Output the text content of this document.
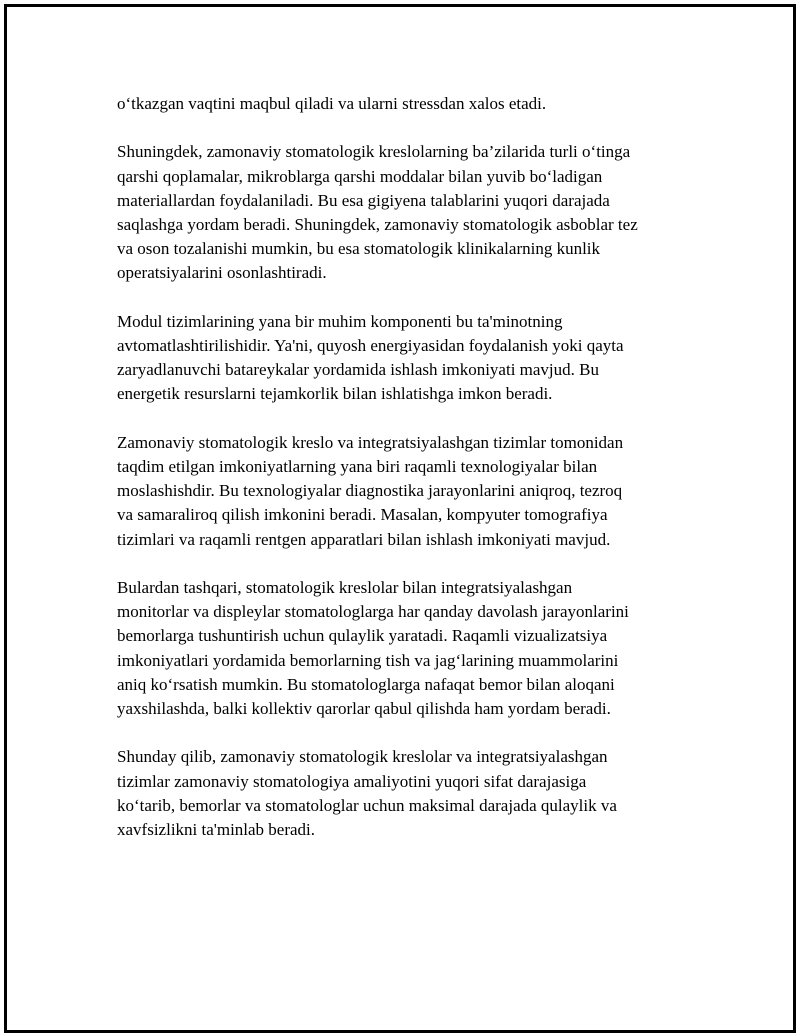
o‘tkazgan vaqtini maqbul qiladi va ularni stressdan xalos etadi.

Shuningdek, zamonaviy stomatologik kreslolarning ba’zilarida turli o‘tinga
qarshi qoplamalar, mikroblarga qarshi moddalar bilan yuvib bo‘ladigan
materiallardan foydalaniladi. Bu esa gigiyena talablarini yuqori darajada
saqlashga yordam beradi. Shuningdek, zamonaviy stomatologik asboblar tez
va oson tozalanishi mumkin, bu esa stomatologik klinikalarning kunlik
operatsiyalarini osonlashtiradi.

Modul tizimlarining yana bir muhim komponenti bu ta'minotning
avtomatlashtirilishidir. Ya'ni, quyosh energiyasidan foydalanish yoki qayta
zaryadlanuvchi batareykalar yordamida ishlash imkoniyati mavjud. Bu
energetik resurslarni tejamkorlik bilan ishlatishga imkon beradi.

Zamonaviy stomatologik kreslo va integratsiyalashgan tizimlar tomonidan
taqdim etilgan imkoniyatlarning yana biri raqamli texnologiyalar bilan
moslashishdir. Bu texnologiyalar diagnostika jarayonlarini aniqroq, tezroq
va samaraliroq qilish imkonini beradi. Masalan, kompyuter tomografiya
tizimlari va raqamli rentgen apparatlari bilan ishlash imkoniyati mavjud.

Bulardan tashqari, stomatologik kreslolar bilan integratsiyalashgan
monitorlar va displeylar stomatologlarga har qanday davolash jarayonlarini
bemorlarga tushuntirish uchun qulaylik yaratadi. Raqamli vizualizatsiya
imkoniyatlari yordamida bemorlarning tish va jag‘larining muammolarini
aniq ko‘rsatish mumkin. Bu stomatologlarga nafaqat bemor bilan aloqani
yaxshilashda, balki kollektiv qarorlar qabul qilishda ham yordam beradi.

Shunday qilib, zamonaviy stomatologik kreslolar va integratsiyalashgan
tizimlar zamonaviy stomatologiya amaliyotini yuqori sifat darajasiga
ko‘tarib, bemorlar va stomatologlar uchun maksimal darajada qulaylik va
xavfsizlikni ta'minlab beradi.
